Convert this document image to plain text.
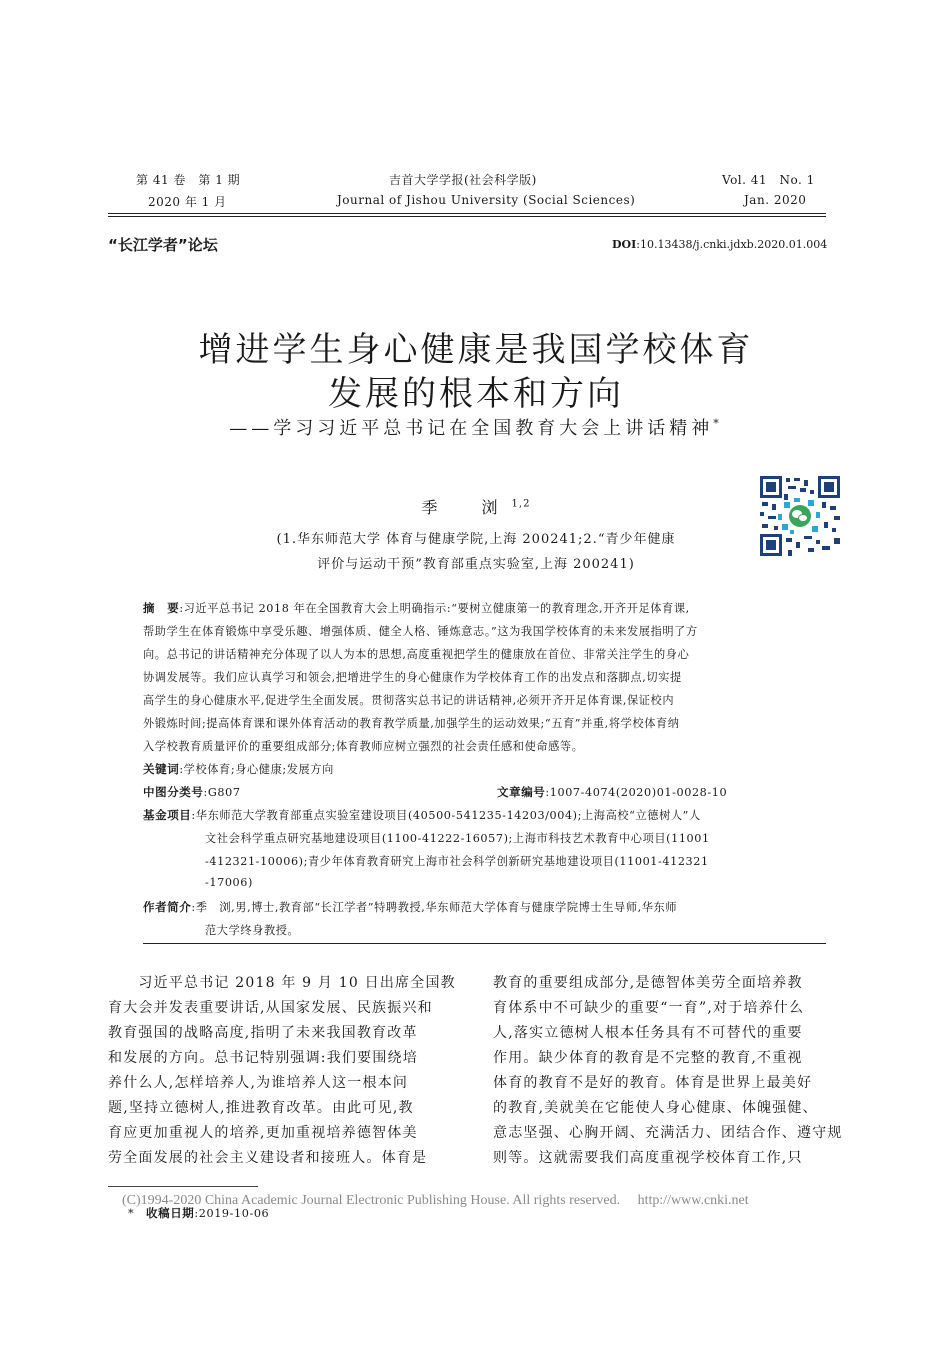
第 41 卷　第 1 期
2020 年 1 月
吉首大学学报(社会科学版)
Journal of Jishou University (Social Sciences)
Vol. 41　No. 1
Jan. 2020
“长江学者”论坛	DOI:10.13438/j.cnki.jdxb.2020.01.004
增进学生身心健康是我国学校体育
发展的根本和方向
——学习习近平总书记在全国教育大会上讲话精神*
季　浏$^{1,2}$
(1.华东师范大学 体育与健康学院,上海 200241;2.“青少年健康
评价与运动干预”教育部重点实验室,上海 200241)
摘　要:习近平总书记 2018 年在全国教育大会上明确指示:“要树立健康第一的教育理念,开齐开足体育课,
帮助学生在体育锻炼中享受乐趣、增强体质、健全人格、锤炼意志。”这为我国学校体育的未来发展指明了方
向。总书记的讲话精神充分体现了以人为本的思想,高度重视把学生的健康放在首位、非常关注学生的身心
协调发展等。我们应认真学习和领会,把增进学生的身心健康作为学校体育工作的出发点和落脚点,切实提
高学生的身心健康水平,促进学生全面发展。贯彻落实总书记的讲话精神,必须开齐开足体育课,保证校内
外锻炼时间;提高体育课和课外体育活动的教育教学质量,加强学生的运动效果;“五育”并重,将学校体育纳
入学校教育质量评价的重要组成部分;体育教师应树立强烈的社会责任感和使命感等。
关键词:学校体育;身心健康;发展方向
中图分类号:G807	文章编号:1007-4074(2020)01-0028-10
基金项目:华东师范大学教育部重点实验室建设项目(40500-541235-14203/004);上海高校“立德树人”人
文社会科学重点研究基地建设项目(1100-41222-16057);上海市科技艺术教育中心项目(11001
-412321-10006);青少年体育教育研究上海市社会科学创新研究基地建设项目(11001-412321
-17006)
作者简介:季　浏,男,博士,教育部“长江学者”特聘教授,华东师范大学体育与健康学院博士生导师,华东师
范大学终身教授。
　　习近平总书记 2018 年 9 月 10 日出席全国教
育大会并发表重要讲话,从国家发展、民族振兴和
教育强国的战略高度,指明了未来我国教育改革
和发展的方向。总书记特别强调:我们要围绕培
养什么人,怎样培养人,为谁培养人这一根本问
题,坚持立德树人,推进教育改革。由此可见,教
育应更加重视人的培养,更加重视培养德智体美
劳全面发展的社会主义建设者和接班人。体育是
教育的重要组成部分,是德智体美劳全面培养教
育体系中不可缺少的重要“一育”,对于培养什么
人,落实立德树人根本任务具有不可替代的重要
作用。缺少体育的教育是不完整的教育,不重视
体育的教育不是好的教育。体育是世界上最美好
的教育,美就美在它能使人身心健康、体魄强健、
意志坚强、心胸开阔、充满活力、团结合作、遵守规
则等。这就需要我们高度重视学校体育工作,只
(C)1994-2020 China Academic Journal Electronic Publishing House. All rights reserved.　 http://www.cnki.net
*　 收稿日期:2019-10-06
